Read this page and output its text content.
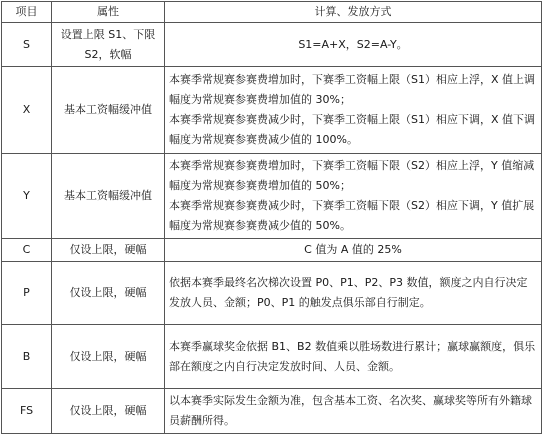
项目	属性	计算、发放方式
S	设置上限 S1、下限 S2，软幅	S1=A+X，S2=A-Y。

X	基本工资幅缓冲值	本赛季常规赛参赛费增加时，下赛季工资幅上限（S1）相应上浮，X 值上调幅度为常规赛参赛费增加值的 30%；
本赛季常规赛参赛费减少时，下赛季工资幅上限（S1）相应下调，X 值下调幅度为常规赛参赛费减少值的 100%。

Y	基本工资幅缓冲值	本赛季常规赛参赛费增加时，下赛季工资幅下限（S2）相应上浮，Y 值缩减幅度为常规赛参赛费增加值的 50%；
本赛季常规赛参赛费减少时，下赛季工资幅下限（S2）相应下调，Y 值扩展幅度为常规赛参赛费减少值的 50%。

C	仅设上限，硬幅	C 值为 A 值的 25%

P	仅设上限，硬幅	依据本赛季最终名次梯次设置 P0、P1、P2、P3 数值，额度之内自行决定发放人员、金额；P0、P1 的触发点俱乐部自行制定。

B	仅设上限，硬幅	本赛季赢球奖金依据 B1、B2 数值乘以胜场数进行累计；赢球赢额度，俱乐部在额度之内自行决定发放时间、人员、金额。

FS	仅设上限，硬幅	以本赛季实际发生金额为准，包含基本工资、名次奖、赢球奖等所有外籍球员薪酬所得。
